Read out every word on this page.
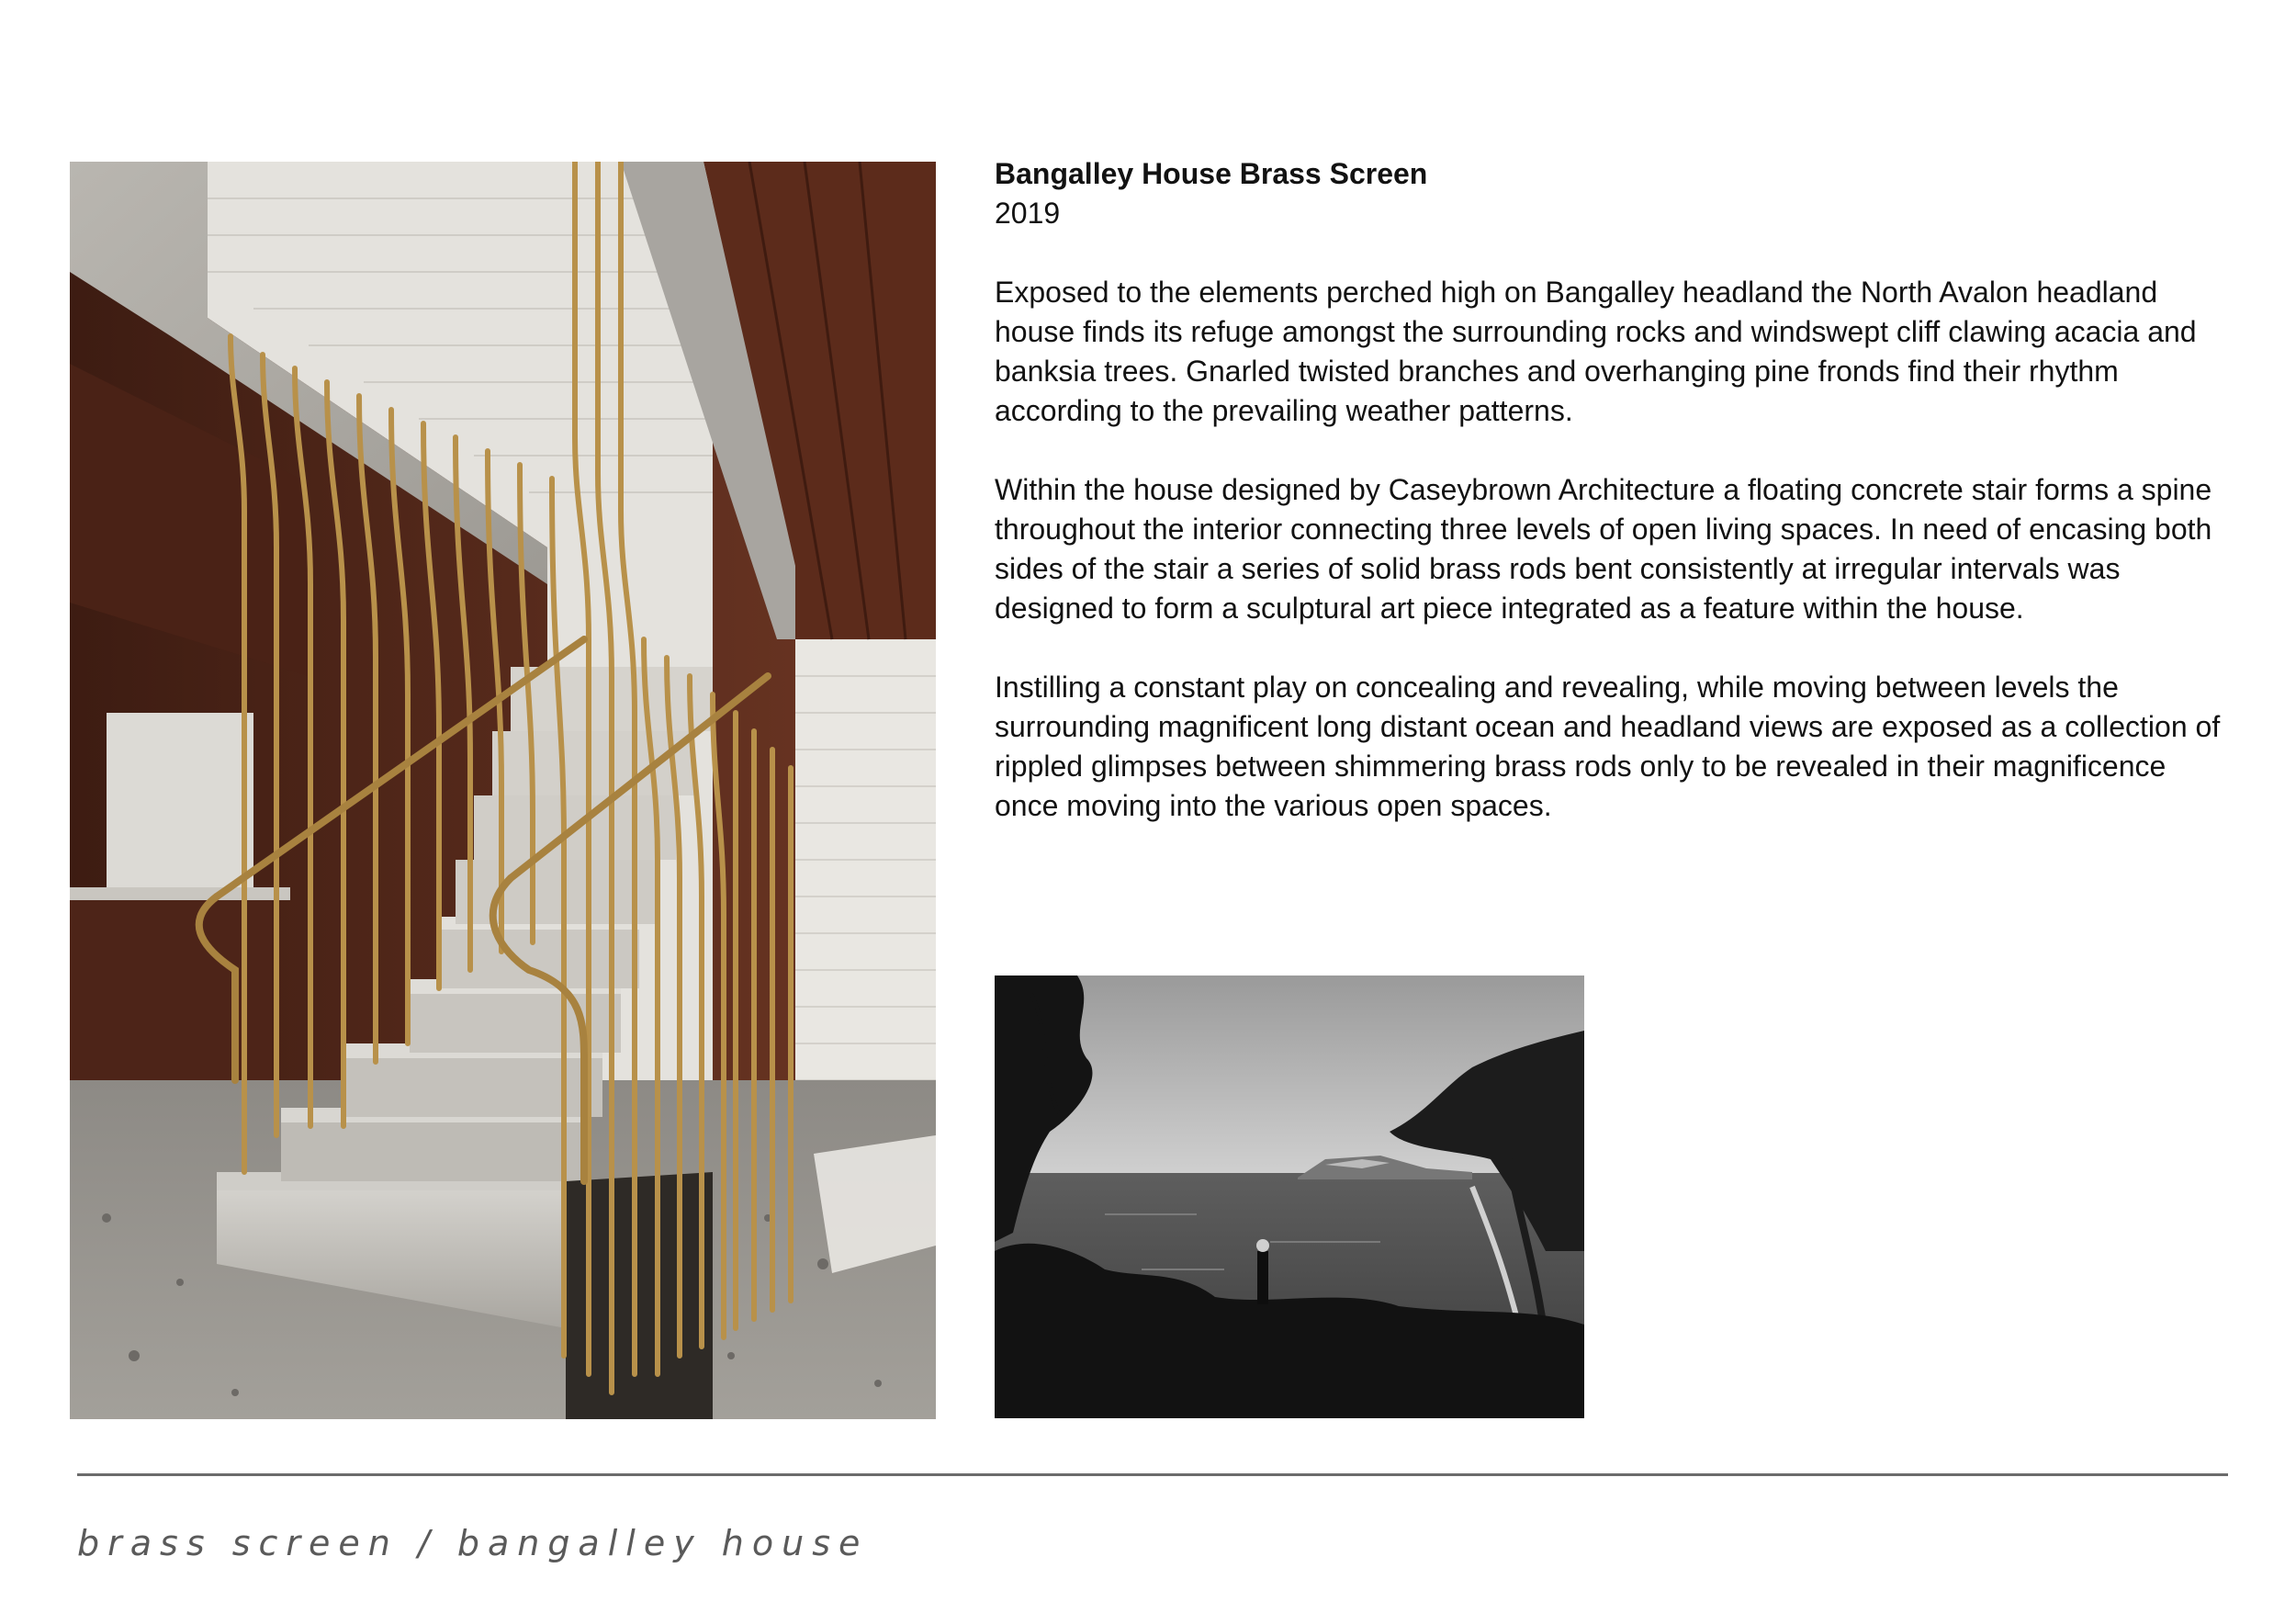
Bangalley House Brass Screen

2019

Exposed to the elements perched high on Bangalley headland the North Avalon headland house finds its refuge amongst the surrounding rocks and windswept cliff clawing acacia and banksia trees. Gnarled twisted branches and overhanging pine fronds find their rhythm according to the prevailing weather patterns.

Within the house designed by Caseybrown Architecture a floating concrete stair forms a spine throughout the interior connecting three levels of open living spaces. In need of encasing both sides of the stair a series of solid brass rods bent consistently at irregular intervals was designed to form a sculptural art piece integrated as a feature within the house.

Instilling a constant play on concealing and revealing, while moving between levels the surrounding magnificent long distant ocean and headland views are exposed as a collection of rippled glimpses between shimmering brass rods only to be revealed in their magnificence once moving into the various open spaces.

brass screen / bangalley house
